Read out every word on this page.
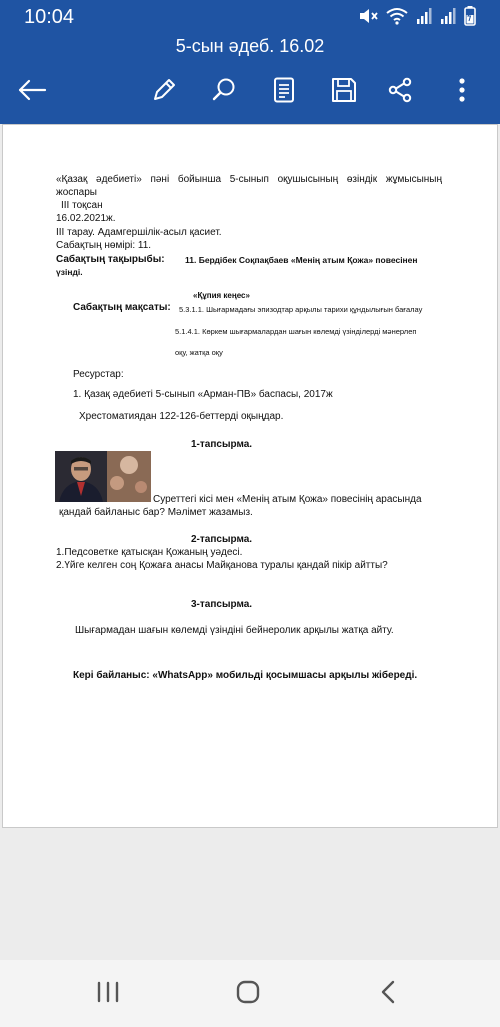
10:04
5-сын әдеб. 16.02
«Қазақ әдебиеті» пәні бойынша 5-сынып оқушысының өзіндік жұмысының
жоспары
III тоқсан
16.02.2021ж.
III тарау. Адамгершілік-асыл қасиет.
Сабақтың нөмірі: 11.
Сабақтың тақырыбы: 11. Бердібек Соқпақбаев «Менің атым Қожа» повесінен
үзінді.
«Құпия кеңес»
Сабақтың мақсаты: 5.3.1.1. Шығармадағы эпизодтар арқылы тарихи құндылығын бағалау
5.1.4.1. Көркем шығармалардан шағын көлемді үзінділерді мәнерлеп
оқу, жатқа оқу
Ресурстар:
1. Қазақ әдебиеті 5-сынып «Арман-ПВ» баспасы, 2017ж
Хрестоматиядан 122-126-беттерді оқыңдар.
1-тапсырма.
Суреттегі кісі мен «Менің атым Қожа» повесінің арасында
қандай байланыс бар? Мәлімет жазамыз.
2-тапсырма.
1.Педсоветке қатысқан Қожаның уәдесі.
2.Үйге келген соң Қожаға анасы Майқанова туралы қандай пікір айтты?
3-тапсырма.
Шығармадан шағын көлемді үзіндіні бейнеролик арқылы жатқа айту.
Кері байланыс: «WhatsApp» мобильді қосымшасы арқылы жібереді.
